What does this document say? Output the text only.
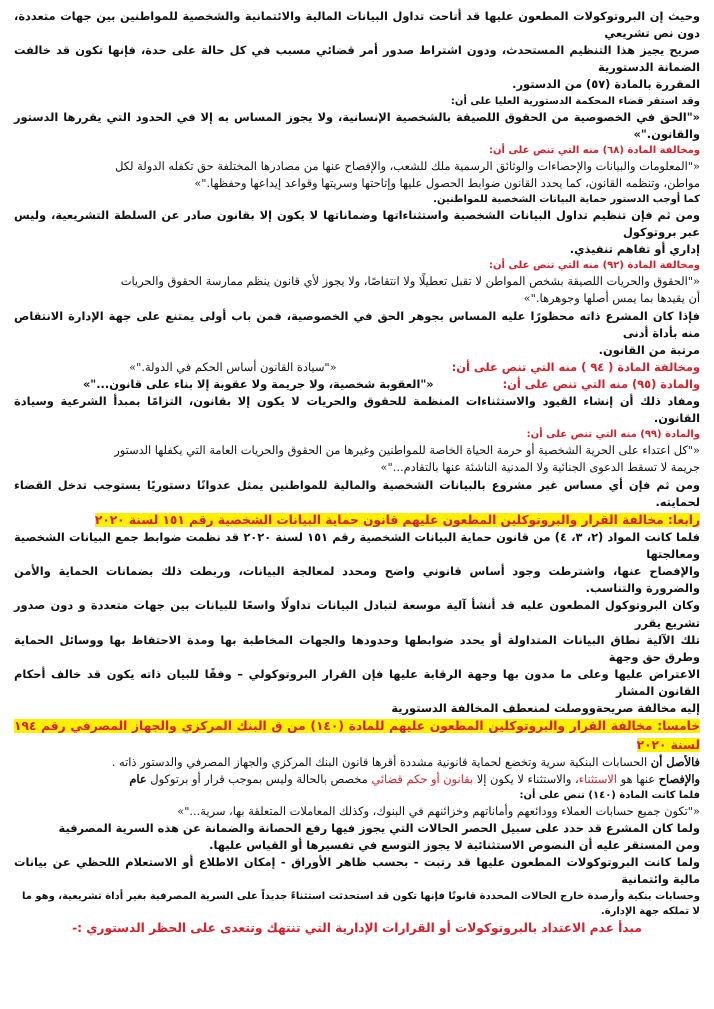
وحيث إن البروتوكولات المطعون عليها قد أتاحت تداول البيانات المالية والائتمانية والشخصية للمواطنين بين جهات متعددة، دون نص تشريعي

صريح يجيز هذا التنظيم المستحدث، ودون اشتراط صدور أمر قضائي مسبب في كل حالة على حدة، فإنها تكون قد خالفت الضمانة الدستورية

المقررة بالمادة (٥٧) من الدستور.

وقد استقر قضاء المحكمة الدستورية العليا على أن:

«"الحق في الخصوصية من الحقوق اللصيقة بالشخصية الإنسانية، ولا يجوز المساس به إلا في الحدود التي يقررها الدستور والقانون."»

ومخالفة المادة (٦٨) منه التي تنص على أن:

«"المعلومات والبيانات والإحصاءات والوثائق الرسمية ملك للشعب، والإفصاح عنها من مصادرها المختلفة حق تكفله الدولة لكل

مواطن، وتنظمه القانون، كما يحدد القانون ضوابط الحصول عليها وإتاحتها وسريتها وقواعد إيداعها وحفظها."»

كما أوجب الدستور حماية البيانات الشخصية للمواطنين.

ومن ثم فإن تنظيم تداول البيانات الشخصية واستثناءاتها وضماناتها لا يكون إلا بقانون صادر عن السلطة التشريعية، وليس عبر بروتوكول

إداري أو تفاهم تنفيذي.

ومخالفة المادة (٩٢) منه التي تنص على أن:

«"الحقوق والحريات اللصيقة بشخص المواطن لا تقبل تعطيلًا ولا انتقاصًا، ولا يجوز لأي قانون ينظم ممارسة الحقوق والحريات

أن يقيدها بما يمس أصلها وجوهرها."»

فإذا كان المشرع ذاته محظورًا عليه المساس بجوهر الحق في الخصوصية، فمن باب أولى يمتنع على جهة الإدارة الانتقاص منه بأداة أدنى

مرتبة من القانون.

ومخالفة المادة ( ٩٤ ) منه التي تنص على أن:
«"سيادة القانون أساس الحكم في الدولة."»

والمادة (٩٥) منه التي تنص على أن:
«"العقوبة شخصية، ولا جريمة ولا عقوبة إلا بناء على قانون..."»

ومفاد ذلك أن إنشاء القيود والاستثناءات المنظمة للحقوق والحريات لا يكون إلا بقانون، التزامًا بمبدأ الشرعية وسيادة القانون.

والمادة (٩٩) منه التي تنص على أن:

«"كل اعتداء على الحرية الشخصية أو حرمة الحياة الخاصة للمواطنين وغيرها من الحقوق والحريات العامة التي يكفلها الدستور

جريمة لا تسقط الدعوى الجنائية ولا المدنية الناشئة عنها بالتقادم..."»

ومن ثم فإن أي مساس غير مشروع بالبيانات الشخصية والمالية للمواطنين يمثل عدوانًا دستوريًا يستوجب تدخل القضاء لحمايته.

رابعا: مخالفة القرار والبروتوكلين المطعون عليهم قانون حماية البيانات الشخصية رقم ١٥١ لسنة ٢٠٢٠

فلما كانت المواد (٢، ٣، ٤) من قانون حماية البيانات الشخصية رقم ١٥١ لسنة ٢٠٢٠ قد نظمت ضوابط جمع البيانات الشخصية ومعالجتها

والإفصاح عنها، واشترطت وجود أساس قانوني واضح ومحدد لمعالجة البيانات، وربطت ذلك بضمانات الحماية والأمن والضرورة والتناسب.

وكان البروتوكول المطعون عليه قد أنشأ آلية موسعة لتبادل البيانات تداولًا واسعًا للبيانات بين جهات متعددة و دون صدور تشريع يقرر

تلك الآلية نطاق البيانات المتداولة أو يحدد ضوابطها وحدودها والجهات المخاطبة بها ومدة الاحتفاظ بها ووسائل الحماية وطرق حق وجهة

الاعتراض عليها وعلى ما مدون بها وجهة الرقابة عليها فإن القرار البروتوكولي – وفقًا للبيان ذاته يكون قد خالف أحكام القانون المشار

إليه مخالفة صريحةووصلت لمنعطف المخالفة الدستورية

خامسا: مخالفة القرار والبروتوكلين المطعون عليهم للمادة (١٤٠) من ق البنك المركزي والجهاز المصرفي رقم ١٩٤ لسنة ٢٠٢٠

فالأصل أن الحسابات البنكية سرية وتخضع لحماية قانونية مشددة أقرها قانون البنك المركزي والجهاز المصرفي والدستور ذاته .

والإفصاح عنها هو الاستثناء، والاستثناء لا يكون إلا بقانون أو حكم قضائي مخصص بالحالة وليس بموجب قرار أو برتوكول عام

فلما كانت المادة (١٤٠) تنص على أن:

«"تكون جميع حسابات العملاء وودائعهم وأماناتهم وخزائنهم في البنوك، وكذلك المعاملات المتعلقة بها، سرية..."»

ولما كان المشرع قد حدد على سبيل الحصر الحالات التي يجوز فيها رفع الحصانة والضمانة عن هذه السرية المصرفية

ومن المستقر عليه أن النصوص الاستثنائية لا يجوز التوسع في تفسيرها أو القياس عليها.

ولما كانت البروتوكولات المطعون عليها قد رتبت - بحسب ظاهر الأوراق - إمكان الاطلاع أو الاستعلام اللحظي عن بيانات مالية وائتمانية

وحسابات بنكية وأرصدة خارج الحالات المحددة قانونًا فإنها تكون قد استحدثت استثناءً جديداً على السرية المصرفية بغير أداة تشريعية، وهو ما

لا تملكه جهة الإدارة.

مبدأ عدم الاعتداد بالبروتوكولات أو القرارات الإدارية التي تنتهك وتتعدى على الحظر الدستوري :-
